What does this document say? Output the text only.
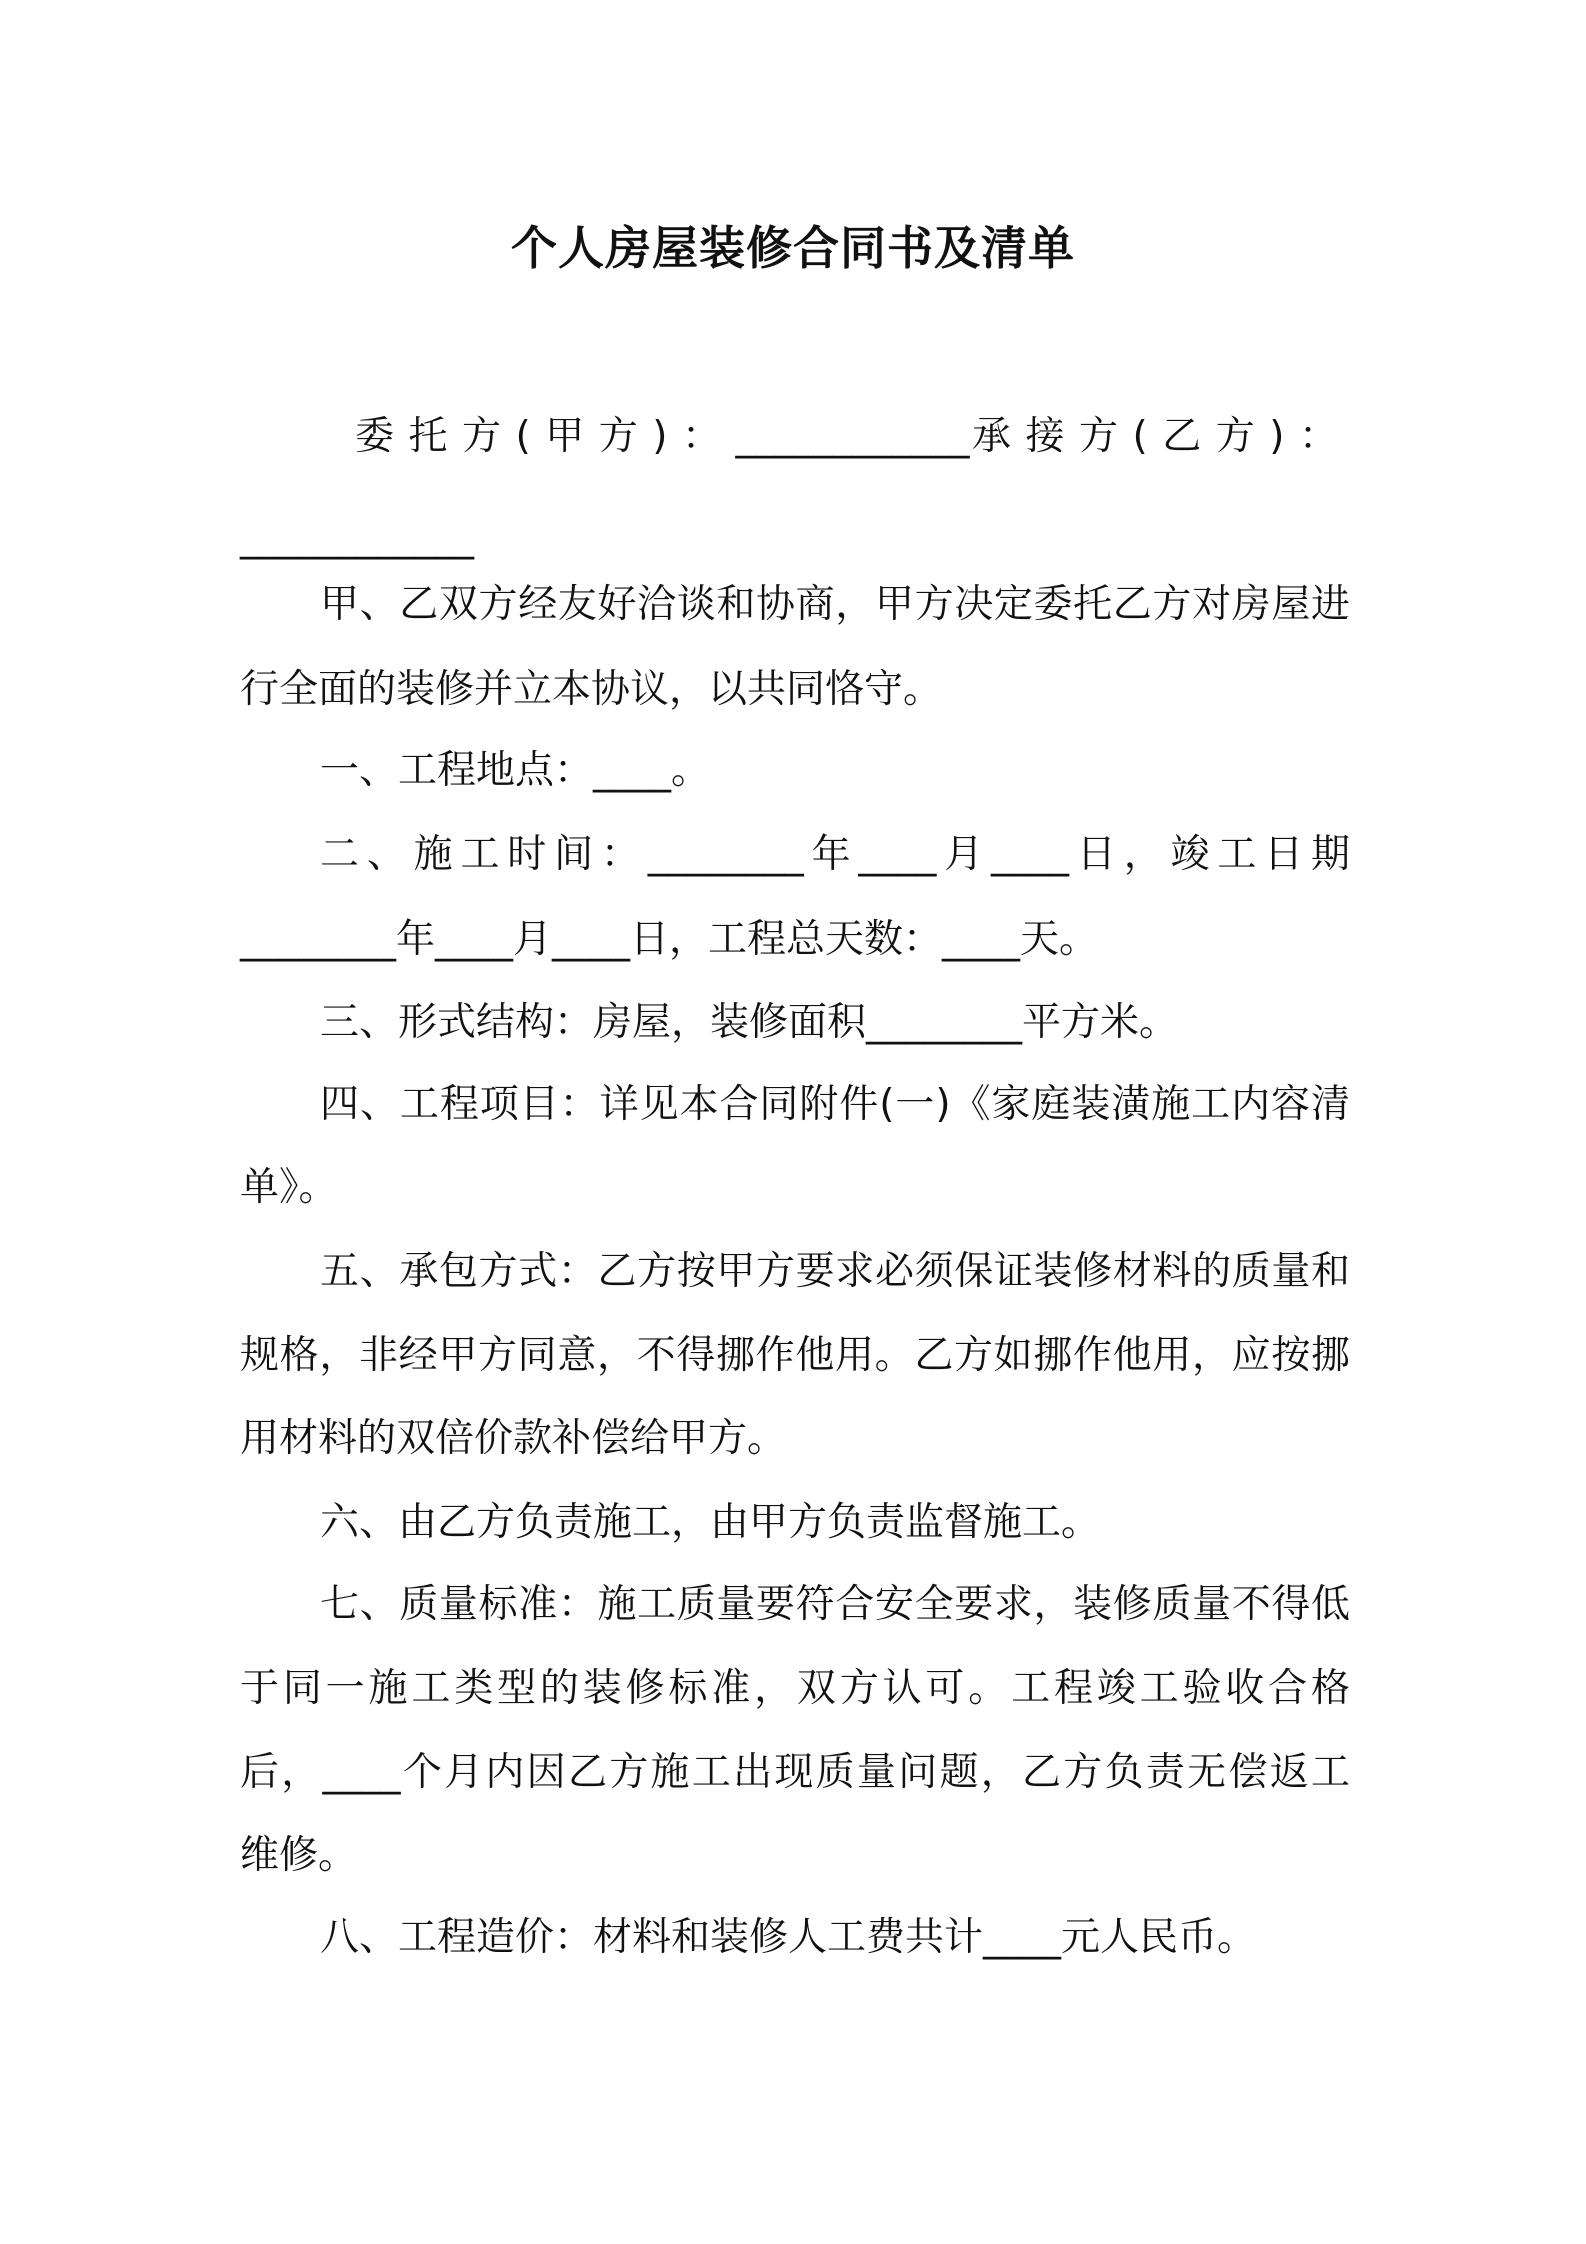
个人房屋装修合同书及清单

委托方(甲方)：____________承接方(乙方)：

____________

甲、乙双方经友好洽谈和协商，甲方决定委托乙方对房屋进

行全面的装修并立本协议，以共同恪守。

一、工程地点：____。

二、施工时间：________年____月____日，竣工日期

________年____月____日，工程总天数：____天。

三、形式结构：房屋，装修面积________平方米。

四、工程项目：详见本合同附件(一)《家庭装潢施工内容清

单》。

五、承包方式：乙方按甲方要求必须保证装修材料的质量和

规格，非经甲方同意，不得挪作他用。乙方如挪作他用，应按挪

用材料的双倍价款补偿给甲方。

六、由乙方负责施工，由甲方负责监督施工。

七、质量标准：施工质量要符合安全要求，装修质量不得低

于同一施工类型的装修标准，双方认可。工程竣工验收合格

后，____个月内因乙方施工出现质量问题，乙方负责无偿返工

维修。

八、工程造价：材料和装修人工费共计____元人民币。
